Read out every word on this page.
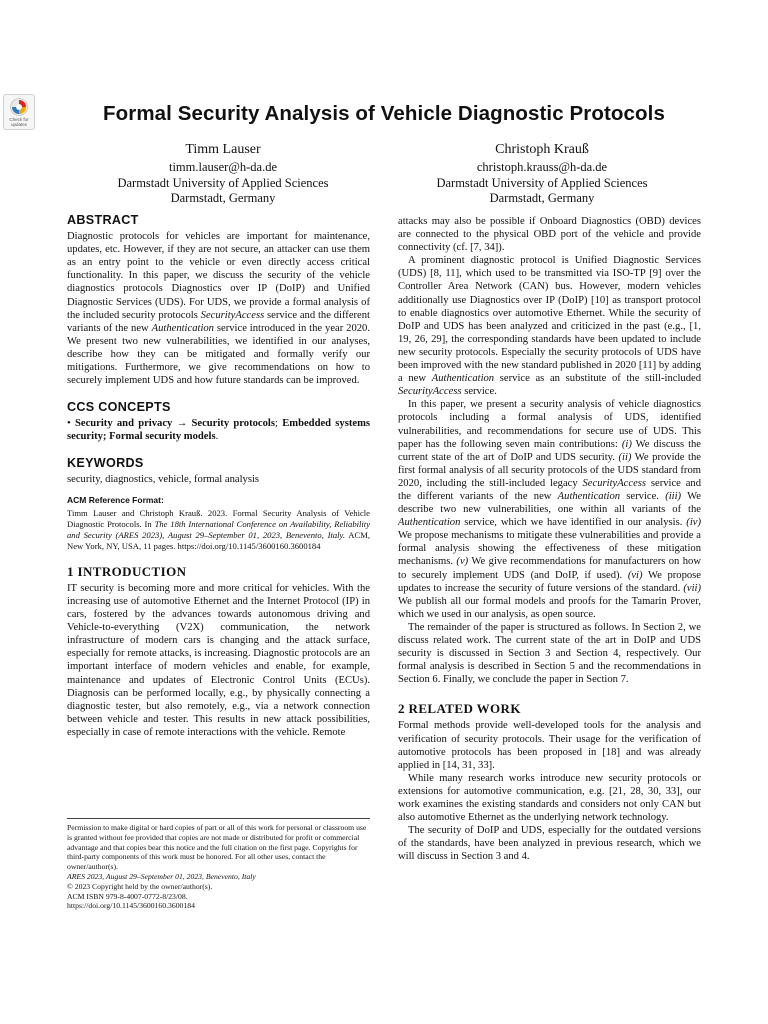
Check for updates	Formal Security Analysis of Vehicle Diagnostic Protocols
Timm Lauser
timm.lauser@h-da.de
Darmstadt University of Applied Sciences
Darmstadt, Germany
Christoph Krauß
christoph.krauss@h-da.de
Darmstadt University of Applied Sciences
Darmstadt, Germany
ABSTRACT

Diagnostic protocols for vehicles are important for maintenance, updates, etc. However, if they are not secure, an attacker can use them as an entry point to the vehicle or even directly access critical functionality. In this paper, we discuss the security of the vehicle diagnostics protocols Diagnostics over IP (DoIP) and Unified Diagnostic Services (UDS). For UDS, we provide a formal analysis of the included security protocols SecurityAccess service and the different variants of the new Authentication service introduced in the year 2020. We present two new vulnerabilities, we identified in our analyses, describe how they can be mitigated and formally verify our mitigations. Furthermore, we give recommendations on how to securely implement UDS and how future standards can be improved.

CCS CONCEPTS

• Security and privacy → Security protocols; Embedded systems security; Formal security models.

KEYWORDS

security, diagnostics, vehicle, formal analysis

ACM Reference Format:

Timm Lauser and Christoph Krauß. 2023. Formal Security Analysis of Vehicle Diagnostic Protocols. In The 18th International Conference on Availability, Reliability and Security (ARES 2023), August 29–September 01, 2023, Benevento, Italy. ACM, New York, NY, USA, 11 pages. https://doi.org/10.1145/3600160.3600184

1 INTRODUCTION

IT security is becoming more and more critical for vehicles. With the increasing use of automotive Ethernet and the Internet Protocol (IP) in cars, fostered by the advances towards autonomous driving and Vehicle-to-everything (V2X) communication, the network infrastructure of modern cars is changing and the attack surface, especially for remote attacks, is increasing. Diagnostic protocols are an important interface of modern vehicles and enable, for example, maintenance and updates of Electronic Control Units (ECUs). Diagnosis can be performed locally, e.g., by physically connecting a diagnostic tester, but also remotely, e.g., via a network connection between vehicle and tester. This results in new attack possibilities, especially in case of remote interactions with the vehicle. Remote

Permission to make digital or hard copies of part or all of this work for personal or classroom use is granted without fee provided that copies are not made or distributed for profit or commercial advantage and that copies bear this notice and the full citation on the first page. Copyrights for third-party components of this work must be honored. For all other uses, contact the owner/author(s).

ARES 2023, August 29–September 01, 2023, Benevento, Italy

© 2023 Copyright held by the owner/author(s).

ACM ISBN 979-8-4007-0772-8/23/08.

https://doi.org/10.1145/3600160.3600184

attacks may also be possible if Onboard Diagnostics (OBD) devices are connected to the physical OBD port of the vehicle and provide connectivity (cf. [7, 34]).

A prominent diagnostic protocol is Unified Diagnostic Services (UDS) [8, 11], which used to be transmitted via ISO-TP [9] over the Controller Area Network (CAN) bus. However, modern vehicles additionally use Diagnostics over IP (DoIP) [10] as transport protocol to enable diagnostics over automotive Ethernet. While the security of DoIP and UDS has been analyzed and criticized in the past (e.g., [1, 19, 26, 29], the corresponding standards have been updated to include new security protocols. Especially the security protocols of UDS have been improved with the new standard published in 2020 [11] by adding a new Authentication service as an substitute of the still-included SecurityAccess service.

In this paper, we present a security analysis of vehicle diagnostics protocols including a formal analysis of UDS, identified vulnerabilities, and recommendations for secure use of UDS. This paper has the following seven main contributions: (i) We discuss the current state of the art of DoIP and UDS security. (ii) We provide the first formal analysis of all security protocols of the UDS standard from 2020, including the still-included legacy SecurityAccess service and the different variants of the new Authentication service. (iii) We describe two new vulnerabilities, one within all variants of the Authentication service, which we have identified in our analysis. (iv) We propose mechanisms to mitigate these vulnerabilities and provide a formal analysis showing the effectiveness of these mitigation mechanisms. (v) We give recommendations for manufacturers on how to securely implement UDS (and DoIP, if used). (vi) We propose updates to increase the security of future versions of the standard. (vii) We publish all our formal models and proofs for the Tamarin Prover, which we used in our analysis, as open source.

The remainder of the paper is structured as follows. In Section 2, we discuss related work. The current state of the art in DoIP and UDS security is discussed in Section 3 and Section 4, respectively. Our formal analysis is described in Section 5 and the recommendations in Section 6. Finally, we conclude the paper in Section 7.

2 RELATED WORK

Formal methods provide well-developed tools for the analysis and verification of security protocols. Their usage for the verification of automotive protocols has been proposed in [18] and was already applied in [14, 31, 33].

While many research works introduce new security protocols or extensions for automotive communication, e.g. [21, 28, 30, 33], our work examines the existing standards and considers not only CAN but also automotive Ethernet as the underlying network technology.

The security of DoIP and UDS, especially for the outdated versions of the standards, have been analyzed in previous research, which we will discuss in Section 3 and 4.
